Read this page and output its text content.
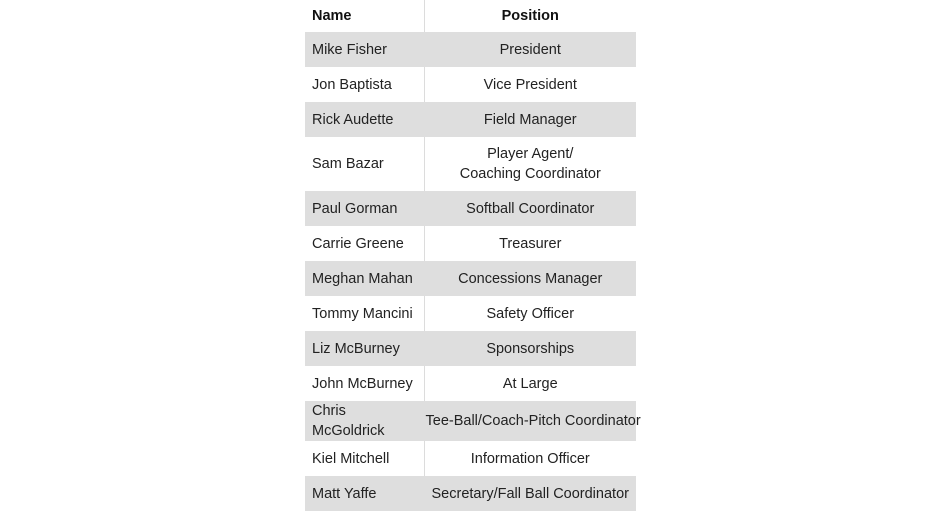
Name	Position
Mike Fisher	President

Jon Baptista	Vice President

Rick Audette	Field Manager

Sam Bazar	Player Agent/
Coaching Coordinator

Paul Gorman	Softball Coordinator

Carrie Greene	Treasurer

Meghan Mahan	Concessions Manager

Tommy Mancini	Safety Officer

Liz McBurney	Sponsorships

John McBurney	At Large

Chris McGoldrick	Tee-Ball/Coach-Pitch Coordinator

Kiel Mitchell	Information Officer

Matt Yaffe	Secretary/Fall Ball Coordinator
